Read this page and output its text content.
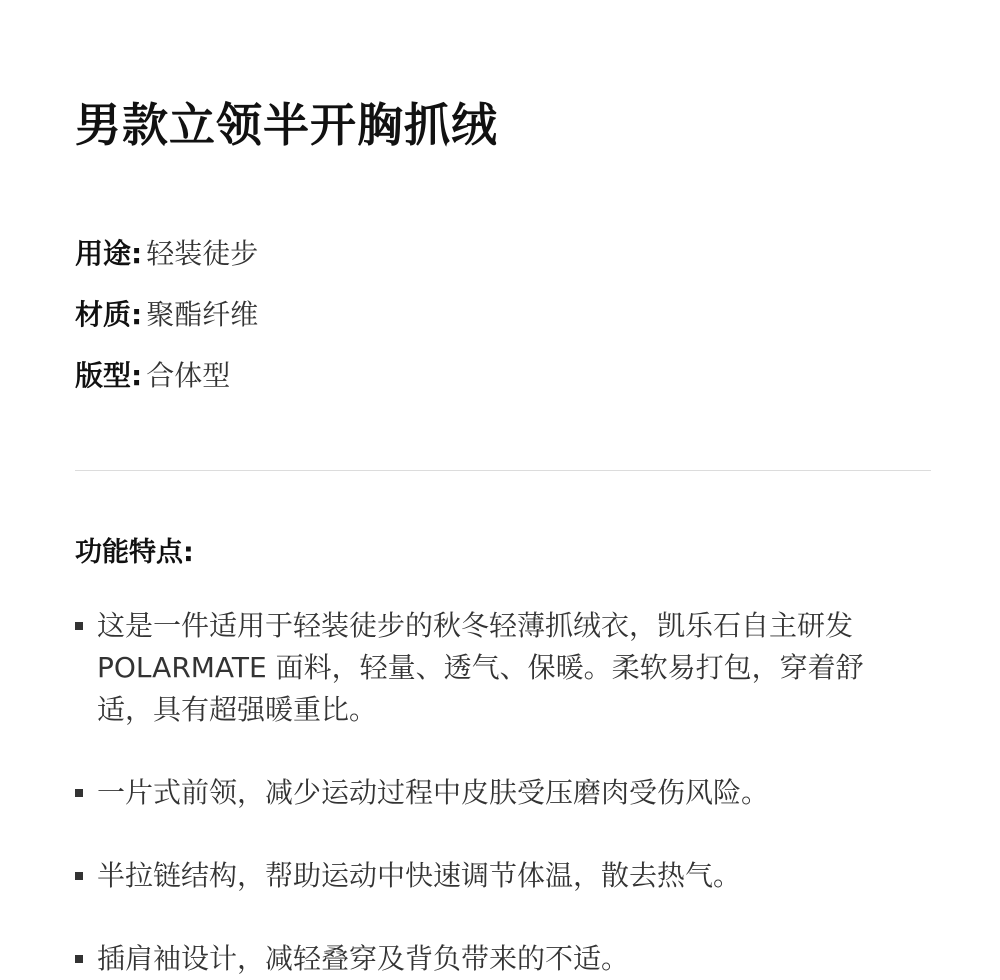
男款立领半开胸抓绒
用途: 轻装徒步
材质: 聚酯纤维
版型: 合体型
功能特点:
这是一件适用于轻装徒步的秋冬轻薄抓绒衣，凯乐石自主研发POLARMATE 面料，轻量、透气、保暖。柔软易打包，穿着舒适，具有超强暖重比。
一片式前领，减少运动过程中皮肤受压磨肉受伤风险。
半拉链结构，帮助运动中快速调节体温，散去热气。
插肩袖设计，减轻叠穿及背负带来的不适。
